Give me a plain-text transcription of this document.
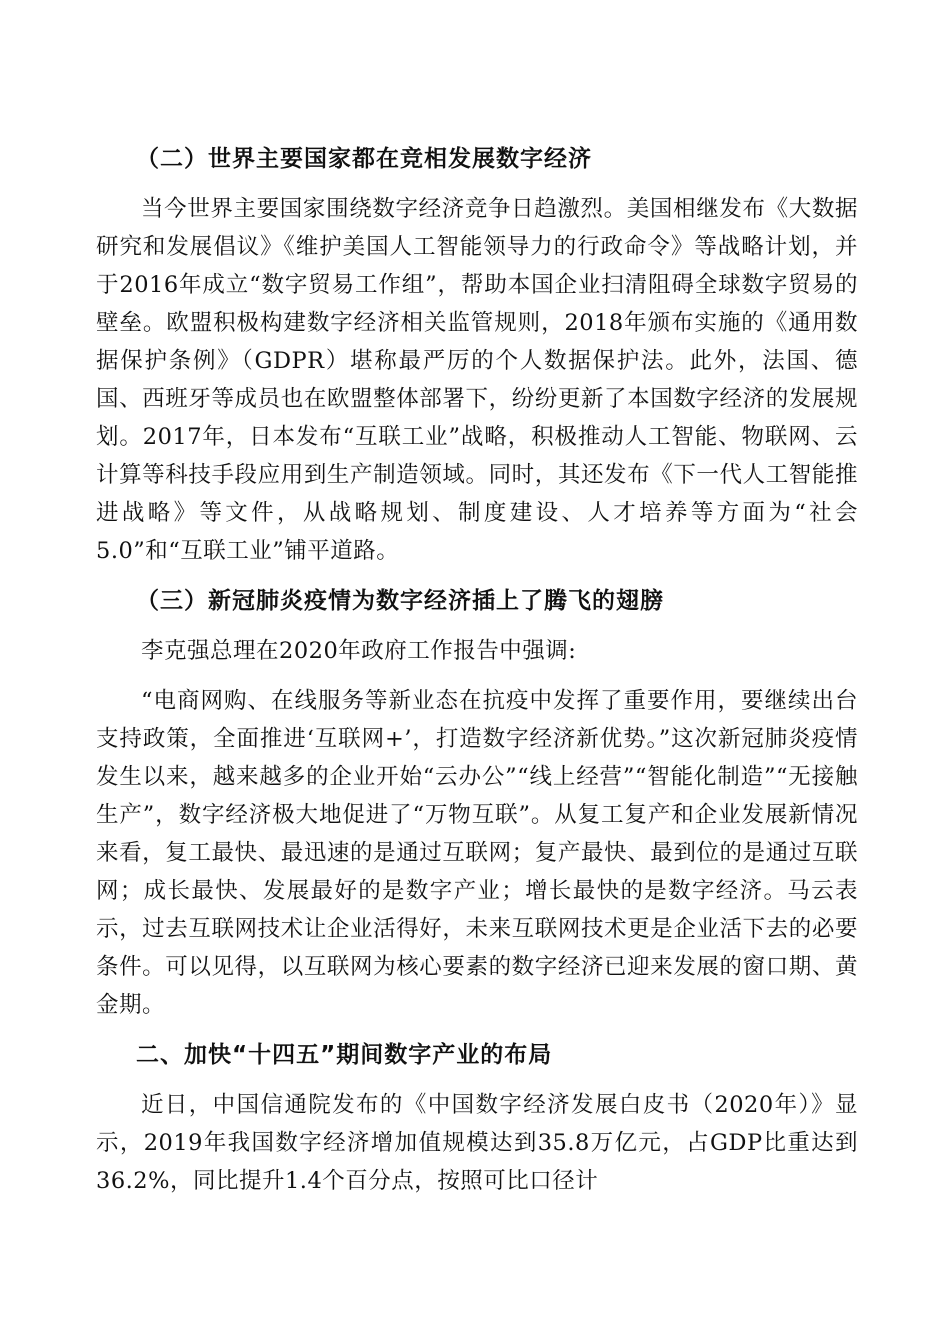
（二）世界主要国家都在竞相发展数字经济

当今世界主要国家围绕数字经济竞争日趋激烈。美国相继发布《大数据研究和发展倡议》《维护美国人工智能领导力的行政命令》等战略计划，并于2016年成立“数字贸易工作组”，帮助本国企业扫清阻碍全球数字贸易的壁垒。欧盟积极构建数字经济相关监管规则，2018年颁布实施的《通用数据保护条例》（GDPR）堪称最严厉的个人数据保护法。此外，法国、德国、西班牙等成员也在欧盟整体部署下，纷纷更新了本国数字经济的发展规划。2017年，日本发布“互联工业”战略，积极推动人工智能、物联网、云计算等科技手段应用到生产制造领域。同时，其还发布《下一代人工智能推进战略》等文件，从战略规划、制度建设、人才培养等方面为“社会5.0”和“互联工业”铺平道路。

（三）新冠肺炎疫情为数字经济插上了腾飞的翅膀

李克强总理在2020年政府工作报告中强调:

“电商网购、在线服务等新业态在抗疫中发挥了重要作用，要继续出台支持政策，全面推进‘互联网+’，打造数字经济新优势。”这次新冠肺炎疫情发生以来，越来越多的企业开始“云办公”“线上经营”“智能化制造”“无接触生产”，数字经济极大地促进了“万物互联”。从复工复产和企业发展新情况来看，复工最快、最迅速的是通过互联网；复产最快、最到位的是通过互联网；成长最快、发展最好的是数字产业；增长最快的是数字经济。马云表示，过去互联网技术让企业活得好，未来互联网技术更是企业活下去的必要条件。可以见得，以互联网为核心要素的数字经济已迎来发展的窗口期、黄金期。

二、加快“十四五”期间数字产业的布局

近日，中国信通院发布的《中国数字经济发展白皮书（2020年）》显示，2019年我国数字经济增加值规模达到35.8万亿元，占GDP比重达到36.2%，同比提升1.4个百分点，按照可比口径计
